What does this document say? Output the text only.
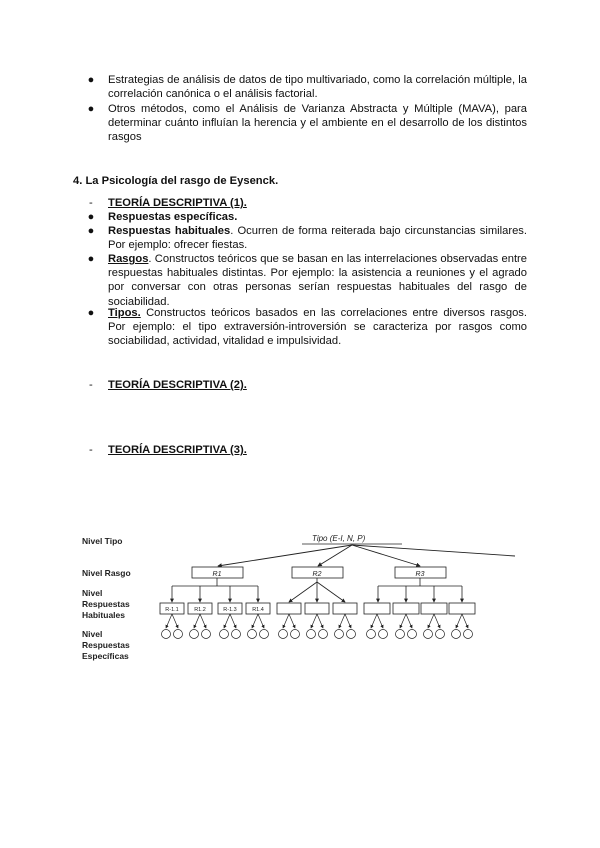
● Estrategias de análisis de datos de tipo multivariado, como la correlación múltiple, la correlación canónica o el análisis factorial.
● Otros métodos, como el Análisis de Varianza Abstracta y Múltiple (MAVA), para determinar cuánto influían la herencia y el ambiente en el desarrollo de los distintos rasgos
4. La Psicología del rasgo de Eysenck.
- TEORÍA DESCRIPTIVA (1).
● Respuestas específicas.
● Respuestas habituales. Ocurren de forma reiterada bajo circunstancias similares. Por ejemplo: ofrecer fiestas.
● Rasgos. Constructos teóricos que se basan en las interrelaciones observadas entre respuestas habituales distintas. Por ejemplo: la asistencia a reuniones y el agrado por conversar con otras personas serían respuestas habituales del rasgo de sociabilidad.
● Tipos. Constructos teóricos basados en las correlaciones entre diversos rasgos. Por ejemplo: el tipo extraversión-introversión se caracteriza por rasgos como sociabilidad, actividad, vitalidad e impulsividad.
- TEORÍA DESCRIPTIVA (2).
- TEORÍA DESCRIPTIVA (3).
Nivel Tipo
Nivel Rasgo
Nivel
Respuestas
Habituales
Nivel
Respuestas
Específicas
Tipo (E-I, N, P)
R1	R2	R3
R-1.1	R1.2	R-1.3	R1.4
